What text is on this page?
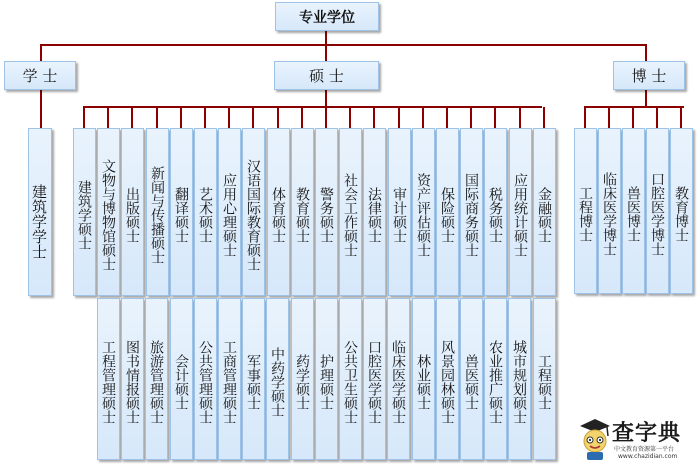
专业学位
学 士	硕 士	博 士
建筑学学士 建筑学硕士 文物与博物馆硕士 出版硕士 新闻与传播硕士 翻译硕士 艺术硕士 应用心理硕士 汉语国际教育硕士 体育硕士 教育硕士 警务硕士 社会工作硕士 法律硕士 审计硕士 资产评估硕士 保险硕士 国际商务硕士 税务硕士 应用统计硕士 金融硕士
工程管理硕士 图书情报硕士 旅游管理硕士 会计硕士 公共管理硕士 工商管理硕士 军事硕士 中药学硕士 药学硕士 护理硕士 公共卫生硕士 口腔医学硕士 临床医学硕士 林业硕士 风景园林硕士 兽医硕士 农业推广硕士 城市规划硕士 工程硕士
工程博士 临床医学博士 兽医博士 口腔医学博士 教育博士
查字典
中文教育资源第一平台
www.chazidian.com
